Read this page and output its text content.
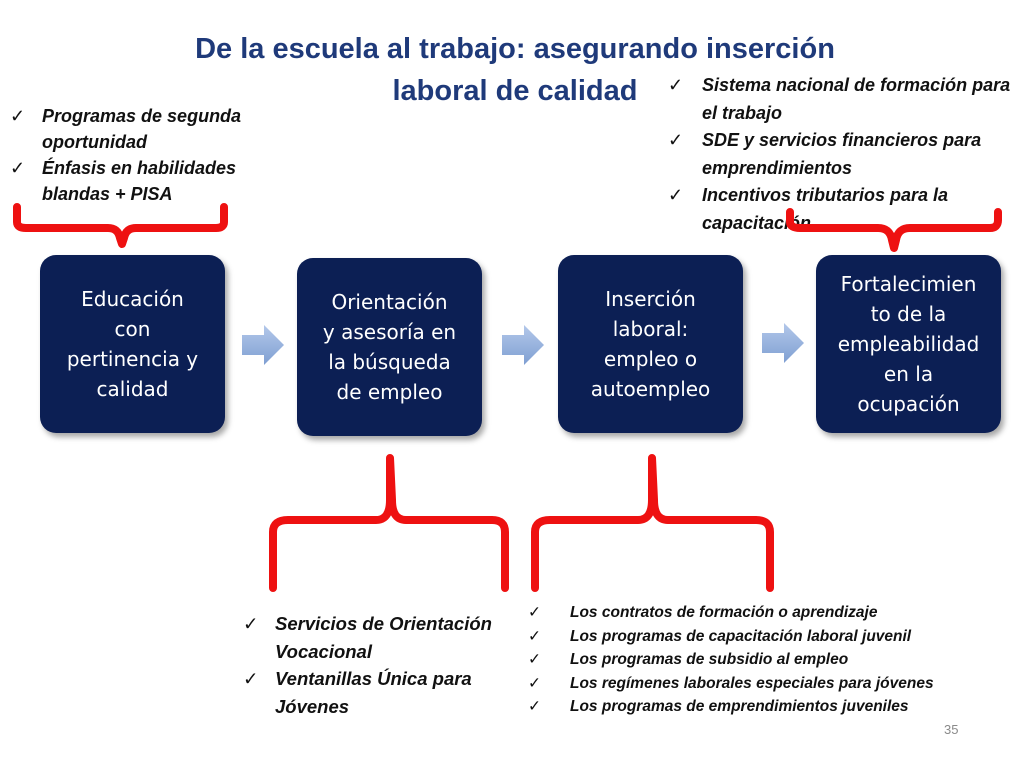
De la escuela al trabajo: asegurando inserción
laboral de calidad
✓ Programas de segunda oportunidad
✓ Énfasis en habilidades blandas + PISA
✓ Sistema nacional de formación para el trabajo
✓ SDE y servicios financieros para emprendimientos
✓ Incentivos tributarios para la capacitación
Educación
con
pertinencia y
calidad
Orientación
y asesoría en
la búsqueda
de empleo
Inserción
laboral:
empleo o
autoempleo
Fortalecimien
to de la
empleabilidad
en la
ocupación
✓ Servicios de Orientación Vocacional
✓ Ventanillas Única para Jóvenes
✓ Los contratos de formación o aprendizaje
✓ Los programas de capacitación laboral juvenil
✓ Los programas de subsidio al empleo
✓ Los regímenes laborales especiales para jóvenes
✓ Los programas de emprendimientos juveniles
35
